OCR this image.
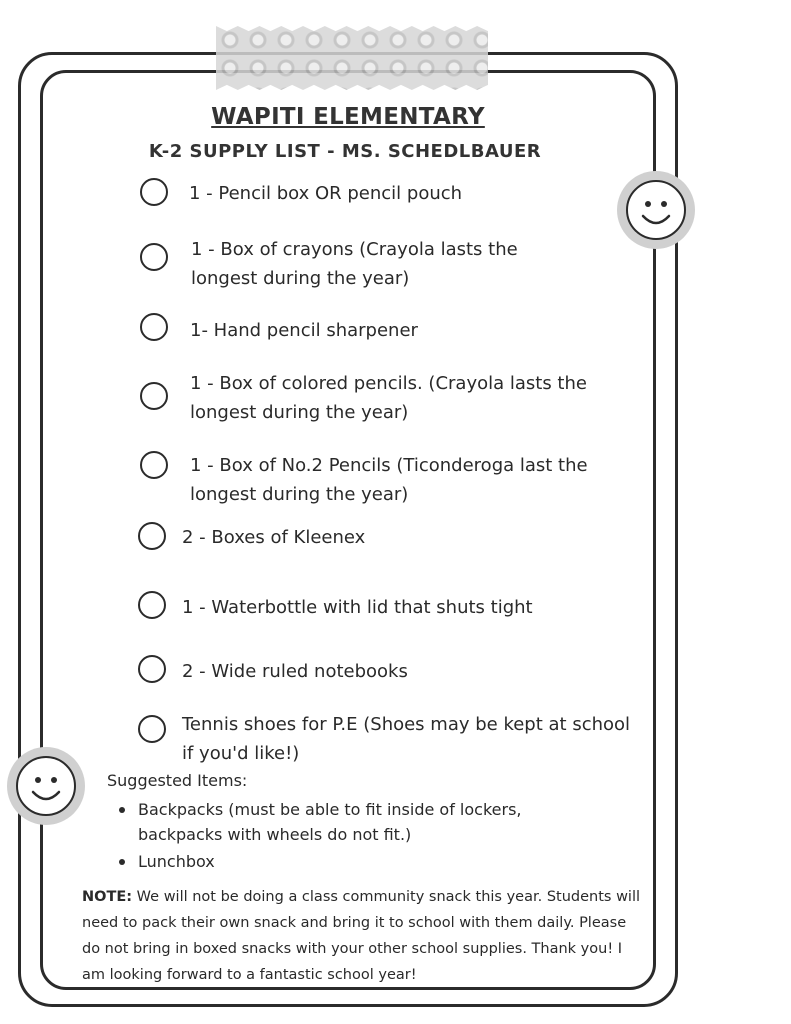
WAPITI ELEMENTARY
K-2 SUPPLY LIST - MS. SCHEDLBAUER
1 - Pencil box OR pencil pouch
1 - Box of crayons (Crayola lasts the
longest during the year)
1- Hand pencil sharpener
1 - Box of colored pencils. (Crayola lasts the
longest during the year)
1 - Box of No.2 Pencils (Ticonderoga last the
longest during the year)
2 - Boxes of Kleenex
1 - Waterbottle with lid that shuts tight
2 - Wide ruled notebooks
Tennis shoes for P.E (Shoes may be kept at school
if you'd like!)
Suggested Items:
Backpacks (must be able to fit inside of lockers, backpacks with wheels do not fit.)
Lunchbox
NOTE: We will not be doing a class community snack this year. Students will need to pack their own snack and bring it to school with them daily. Please do not bring in boxed snacks with your other school supplies. Thank you! I am looking forward to a fantastic school year!
